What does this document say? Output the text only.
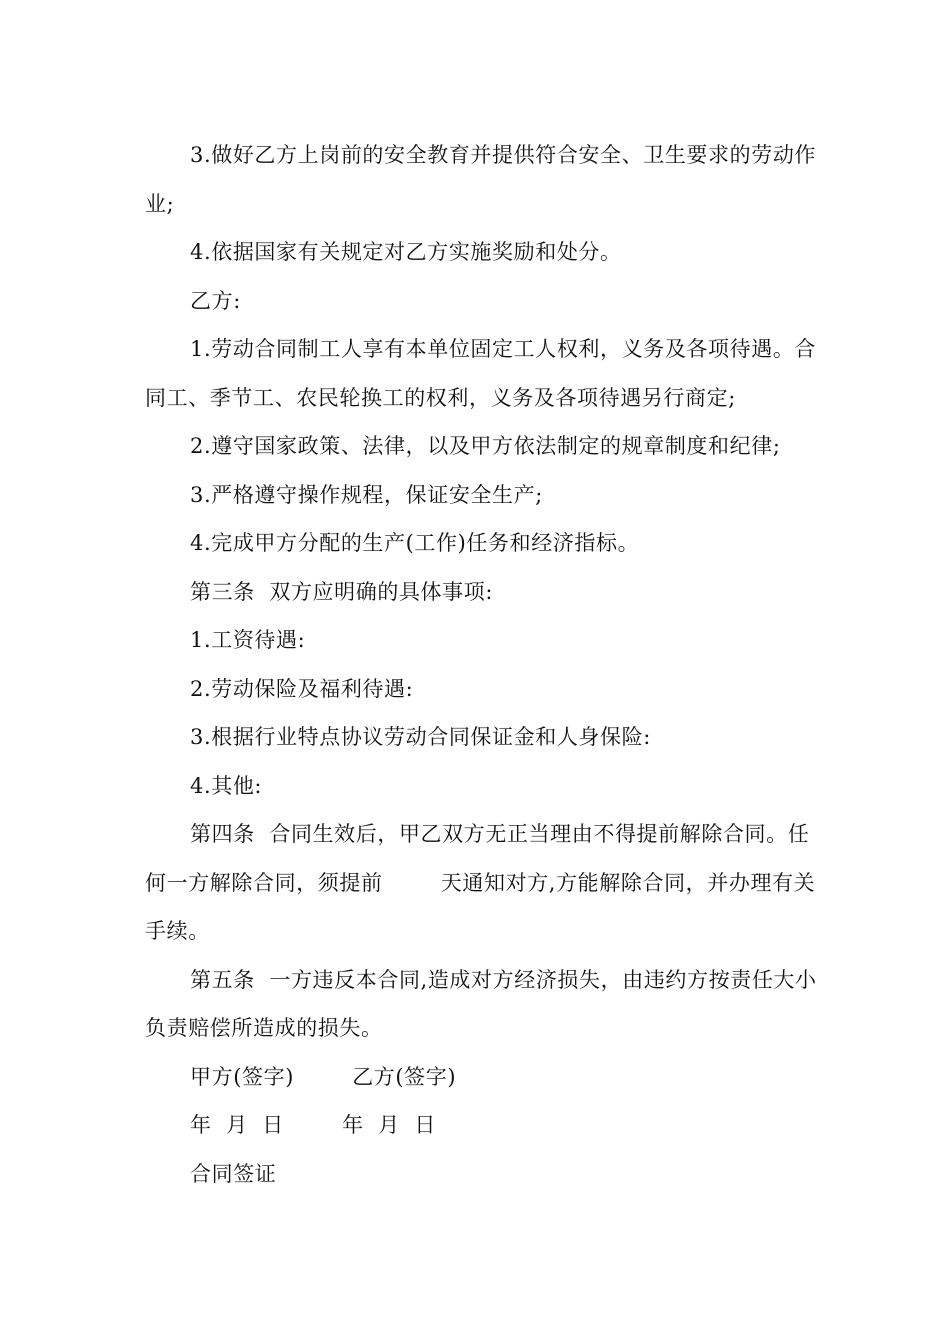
3.做好乙方上岗前的安全教育并提供符合安全、卫生要求的劳动作业;

4.依据国家有关规定对乙方实施奖励和处分。

乙方:

1.劳动合同制工人享有本单位固定工人权利，义务及各项待遇。合同工、季节工、农民轮换工的权利，义务及各项待遇另行商定;

2.遵守国家政策、法律，以及甲方依法制定的规章制度和纪律;

3.严格遵守操作规程，保证安全生产;

4.完成甲方分配的生产(工作)任务和经济指标。

第三条  双方应明确的具体事项:

1.工资待遇:

2.劳动保险及福利待遇:

3.根据行业特点协议劳动合同保证金和人身保险:

4.其他:

第四条  合同生效后，甲乙双方无正当理由不得提前解除合同。任何一方解除合同，须提前        天通知对方,方能解除合同，并办理有关手续。

第五条  一方违反本合同,造成对方经济损失，由违约方按责任大小负责赔偿所造成的损失。

甲方(签字)        乙方(签字)

年  月  日        年  月  日

合同签证
